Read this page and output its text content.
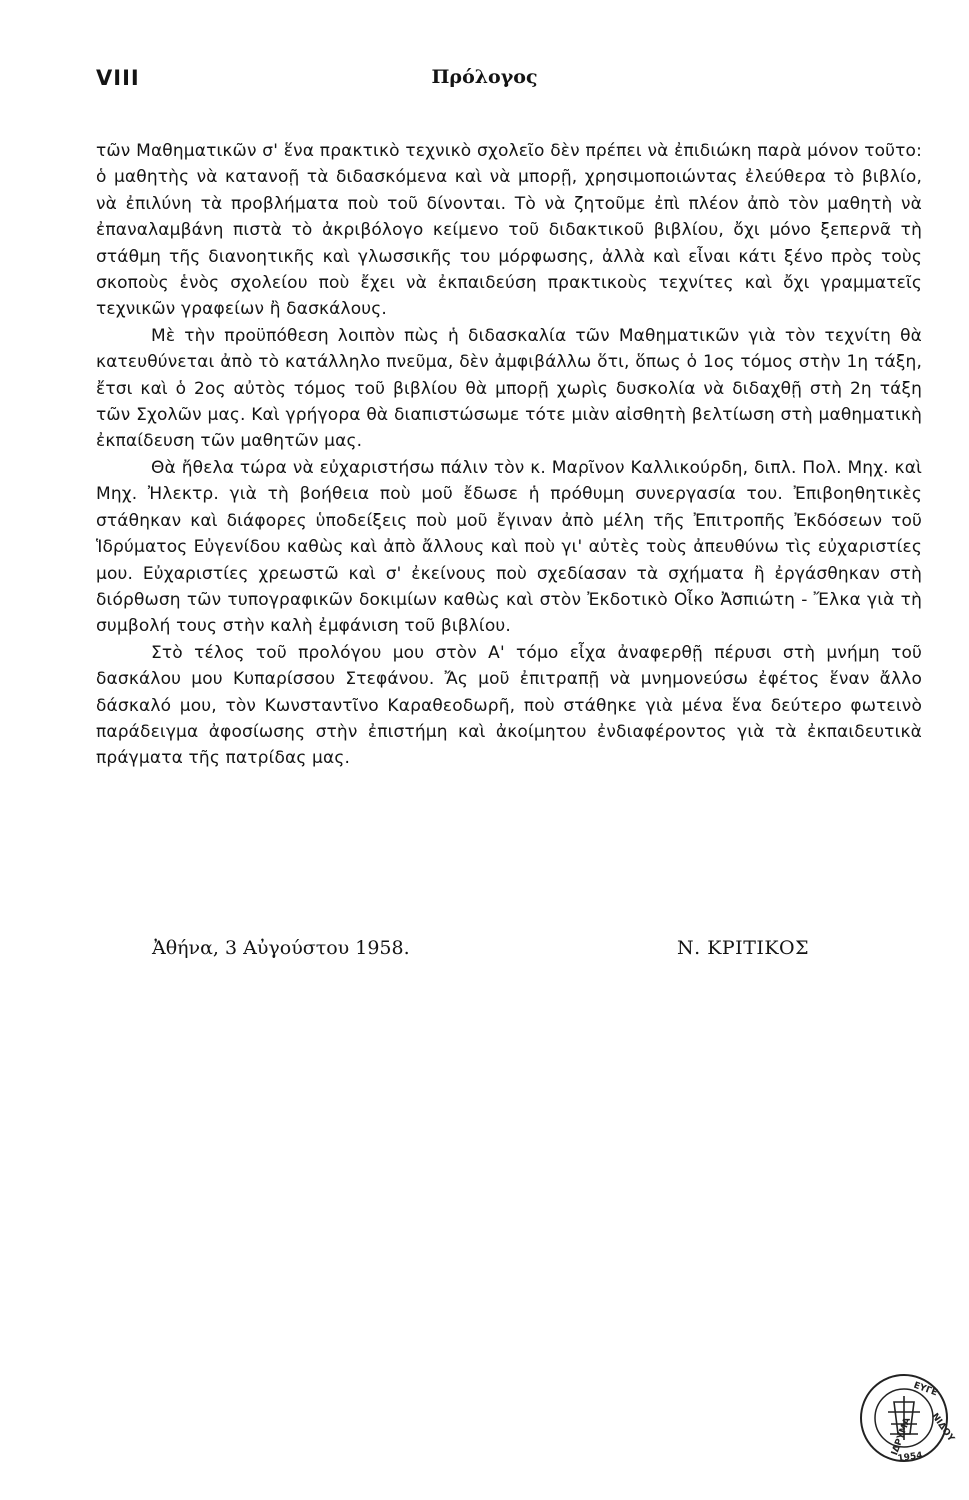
VIII	Πρόλογος

τῶν Μαθηματικῶν σ' ἕνα πρακτικὸ τεχνικὸ σχολεῖο δὲν πρέπει νὰ ἐπιδιώκη παρὰ μόνον τοῦτο: ὁ μαθητὴς νὰ κατανοῇ τὰ διδασκόμενα καὶ νὰ μπορῇ, χρησιμοποιώντας ἐλεύθερα τὸ βιβλίο, νὰ ἐπιλύνη τὰ προβλήματα ποὺ τοῦ δίνονται. Τὸ νὰ ζητοῦμε ἐπὶ πλέον ἀπὸ τὸν μαθητὴ νὰ ἐπαναλαμβάνη πιστὰ τὸ ἀκριβόλογο κείμενο τοῦ διδακτικοῦ βιβλίου, ὄχι μόνο ξεπερνᾶ τὴ στάθμη τῆς διανοητικῆς καὶ γλωσσικῆς του μόρφωσης, ἀλλὰ καὶ εἶναι κάτι ξένο πρὸς τοὺς σκοποὺς ἑνὸς σχολείου ποὺ ἔχει νὰ ἐκπαιδεύση πρακτικοὺς τεχνίτες καὶ ὄχι γραμματεῖς τεχνικῶν γραφείων ἢ δασκάλους.

Μὲ τὴν προϋπόθεση λοιπὸν πὼς ἡ διδασκαλία τῶν Μαθηματικῶν γιὰ τὸν τεχνίτη θὰ κατευθύνεται ἀπὸ τὸ κατάλληλο πνεῦμα, δὲν ἀμφιβάλλω ὅτι, ὅπως ὁ 1ος τόμος στὴν 1η τάξη, ἔτσι καὶ ὁ 2ος αὐτὸς τόμος τοῦ βιβλίου θὰ μπορῇ χωρὶς δυσκολία νὰ διδαχθῇ στὴ 2η τάξη τῶν Σχολῶν μας. Καὶ γρήγορα θὰ διαπιστώσωμε τότε μιὰν αἰσθητὴ βελτίωση στὴ μαθηματικὴ ἐκπαίδευση τῶν μαθητῶν μας.

Θὰ ἤθελα τώρα νὰ εὐχαριστήσω πάλιν τὸν κ. Μαρῖνον Καλλικούρδη, διπλ. Πολ. Μηχ. καὶ Μηχ. Ἠλεκτρ. γιὰ τὴ βοήθεια ποὺ μοῦ ἔδωσε ἡ πρόθυμη συνεργασία του. Ἐπιβοηθητικὲς στάθηκαν καὶ διάφορες ὑποδείξεις ποὺ μοῦ ἔγιναν ἀπὸ μέλη τῆς Ἐπιτροπῆς Ἐκδόσεων τοῦ Ἱδρύματος Εὐγενίδου καθὼς καὶ ἀπὸ ἄλλους καὶ ποὺ γι' αὐτὲς τοὺς ἀπευθύνω τὶς εὐχαριστίες μου. Εὐχαριστίες χρεωστῶ καὶ σ' ἐκείνους ποὺ σχεδίασαν τὰ σχήματα ἢ ἐργάσθηκαν στὴ διόρθωση τῶν τυπογραφικῶν δοκιμίων καθὼς καὶ στὸν Ἐκδοτικὸ Οἶκο Ἀσπιώτη - Ἔλκα γιὰ τὴ συμβολή τους στὴν καλὴ ἐμφάνιση τοῦ βιβλίου.

Στὸ τέλος τοῦ προλόγου μου στὸν Α' τόμο εἶχα ἀναφερθῇ πέρυσι στὴ μνήμη τοῦ δασκάλου μου Κυπαρίσσου Στεφάνου. Ἄς μοῦ ἐπιτραπῇ νὰ μνημονεύσω ἐφέτος ἕναν ἄλλο δάσκαλό μου, τὸν Κωνσταντῖνο Καραθεοδωρῆ, ποὺ στάθηκε γιὰ μένα ἕνα δεύτερο φωτεινὸ παράδειγμα ἀφοσίωσης στὴν ἐπιστήμη καὶ ἀκοίμητου ἐνδιαφέροντος γιὰ τὰ ἐκπαιδευτικὰ πράγματα τῆς πατρίδας μας.

Ἀθήνα, 3 Αὐγούστου 1958.	Ν. ΚΡΙΤΙΚΟΣ
ΕΥΓΕ
ΝΙΔΟΥ
ΙΔΡΥΜΑ
1954
